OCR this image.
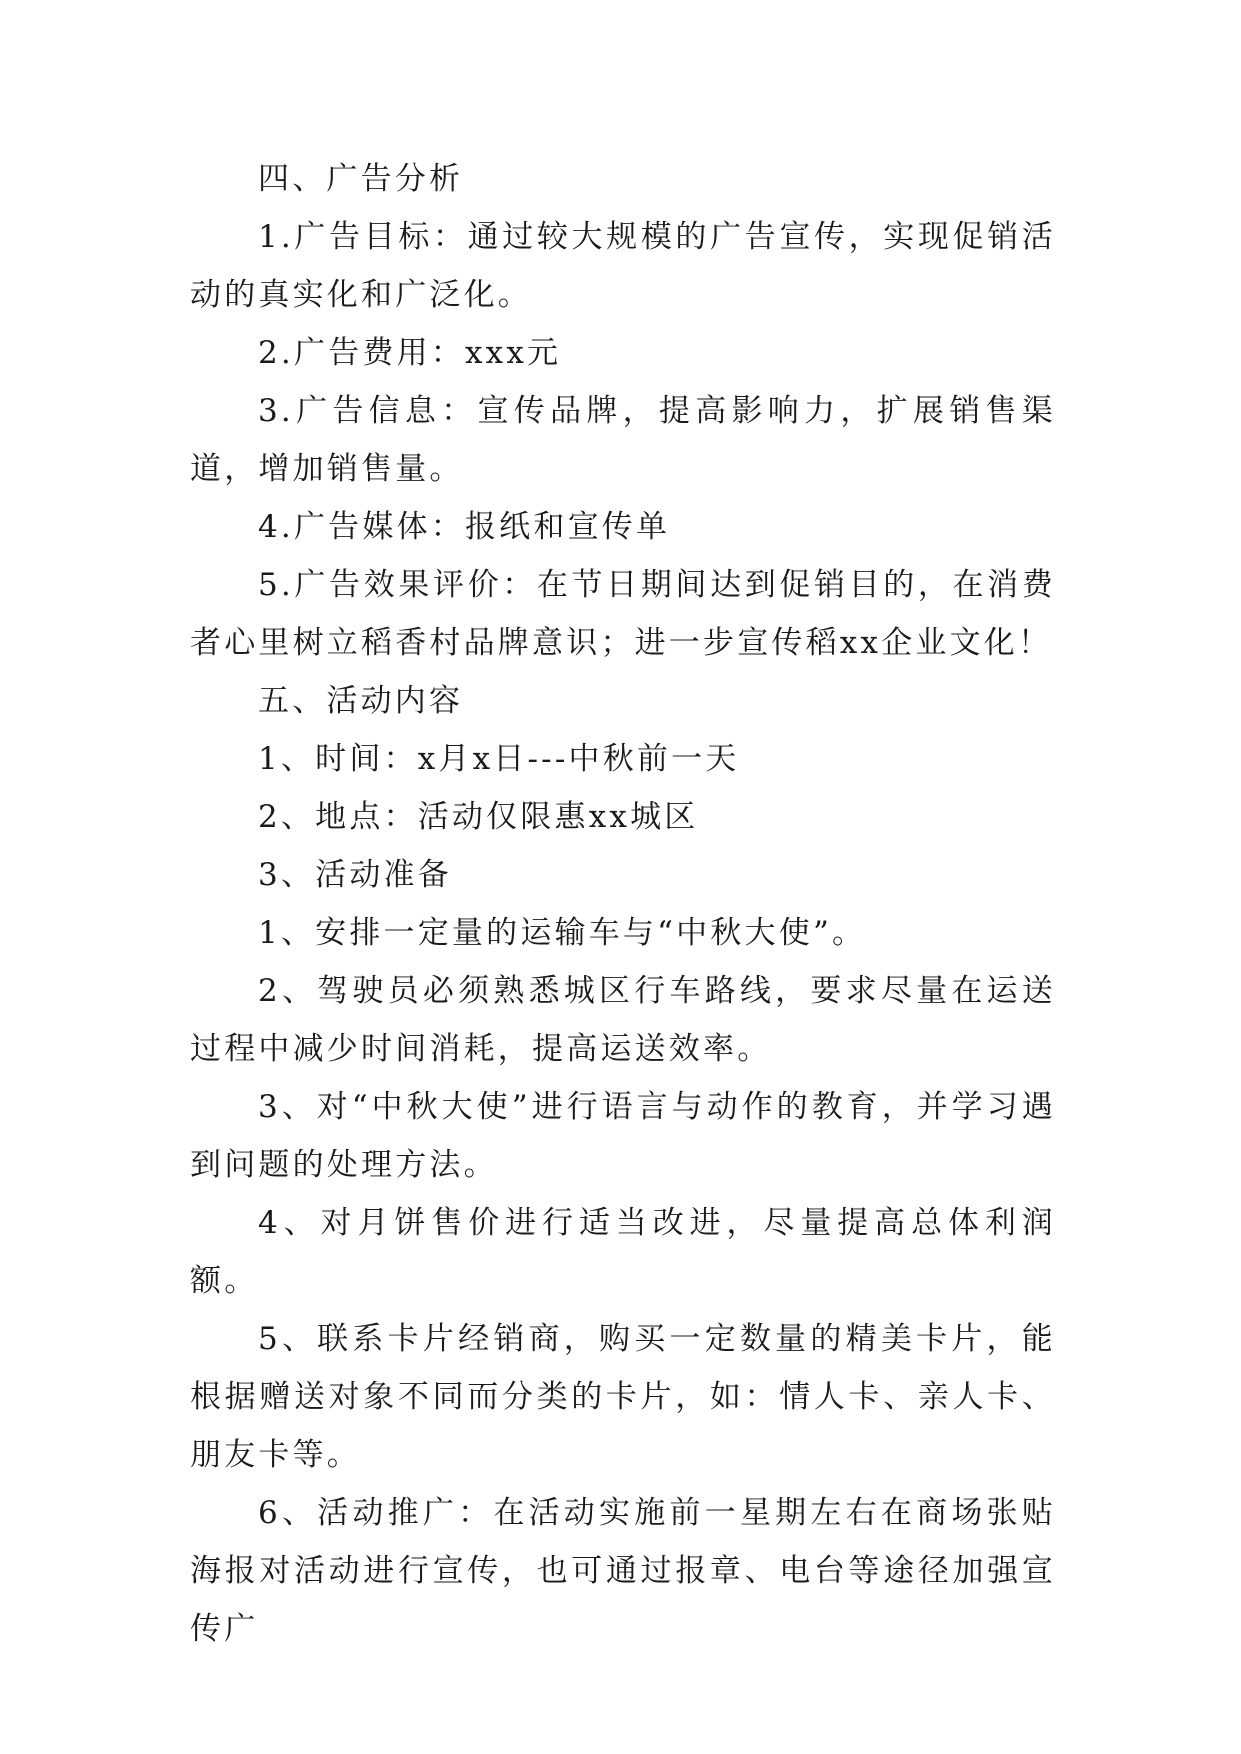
四、广告分析

1.广告目标：通过较大规模的广告宣传，实现促销活动的真实化和广泛化。

2.广告费用：xxx元

3.广告信息：宣传品牌，提高影响力，扩展销售渠道，增加销售量。

4.广告媒体：报纸和宣传单

5.广告效果评价：在节日期间达到促销目的，在消费者心里树立稻香村品牌意识；进一步宣传稻xx企业文化！

五、活动内容

1、时间：x月x日---中秋前一天

2、地点：活动仅限惠xx城区

3、活动准备

1、安排一定量的运输车与“中秋大使”。

2、驾驶员必须熟悉城区行车路线，要求尽量在运送过程中减少时间消耗，提高运送效率。

3、对“中秋大使”进行语言与动作的教育，并学习遇到问题的处理方法。

4、对月饼售价进行适当改进，尽量提高总体利润额。

5、联系卡片经销商，购买一定数量的精美卡片，能根据赠送对象不同而分类的卡片，如：情人卡、亲人卡、朋友卡等。

6、活动推广：在活动实施前一星期左右在商场张贴海报对活动进行宣传，也可通过报章、电台等途径加强宣传广
